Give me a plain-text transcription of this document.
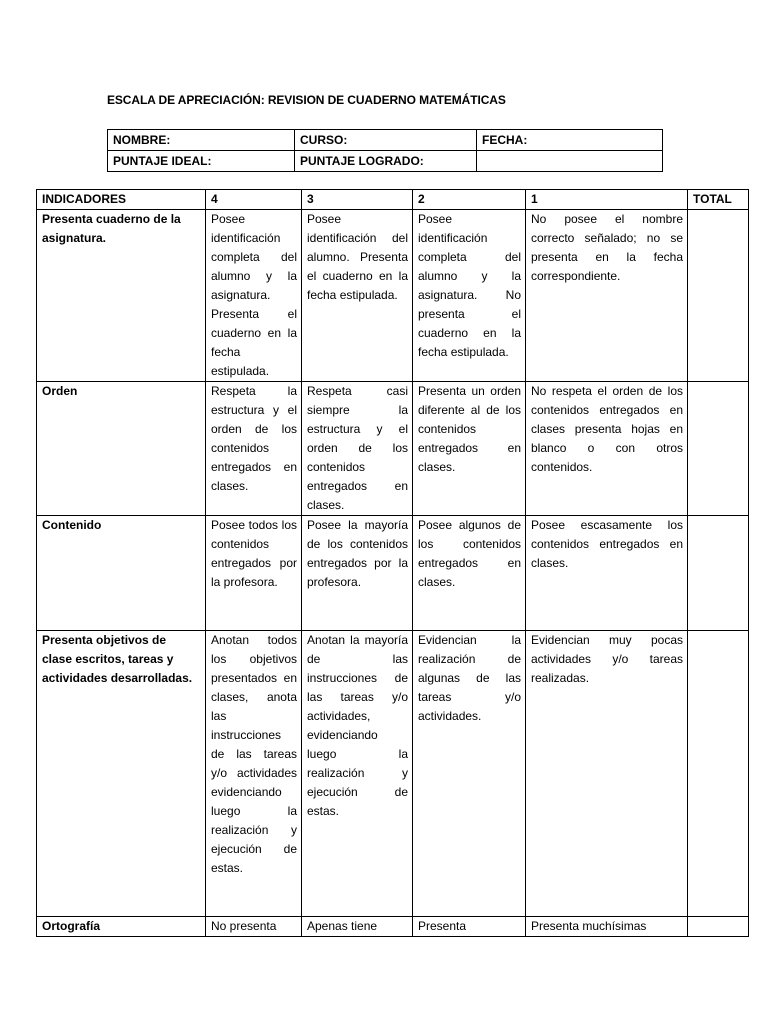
ESCALA DE APRECIACIÓN: REVISION DE CUADERNO MATEMÁTICAS
NOMBRE:	CURSO:	FECHA:
PUNTAJE IDEAL:	PUNTAJE LOGRADO:	
INDICADORES	4	3	2	1	TOTAL
Presenta cuaderno de la asignatura.	Posee identificación completa del alumno y la asignatura. Presenta el cuaderno en la fecha estipulada.	Posee identificación del alumno. Presenta el cuaderno en la fecha estipulada.	Posee identificación completa del alumno y la asignatura. No presenta el cuaderno en la fecha estipulada.	No posee el nombre correcto señalado; no se presenta en la fecha correspondiente.	
Orden	Respeta la estructura y el orden de los contenidos entregados en clases.	Respeta casi siempre la estructura y el orden de los contenidos entregados en clases.	Presenta un orden diferente al de los contenidos entregados en clases.	No respeta el orden de los contenidos entregados en clases presenta hojas en blanco o con otros contenidos.	
Contenido	Posee todos los contenidos entregados por la profesora.	Posee la mayoría de los contenidos entregados por la profesora.	Posee algunos de los contenidos entregados en clases.	Posee escasamente los contenidos entregados en clases.	
Presenta objetivos de clase escritos, tareas y actividades desarrolladas.	Anotan todos los objetivos presentados en clases, anota las instrucciones de las tareas y/o actividades evidenciando luego la realización y ejecución de estas.	Anotan la mayoría de las instrucciones de las tareas y/o actividades, evidenciando luego la realización y ejecución de estas.	Evidencian la realización de algunas de las tareas y/o actividades.	Evidencian muy pocas actividades y/o tareas realizadas.	
Ortografía	No presenta	Apenas tiene	Presenta	Presenta muchísimas	
